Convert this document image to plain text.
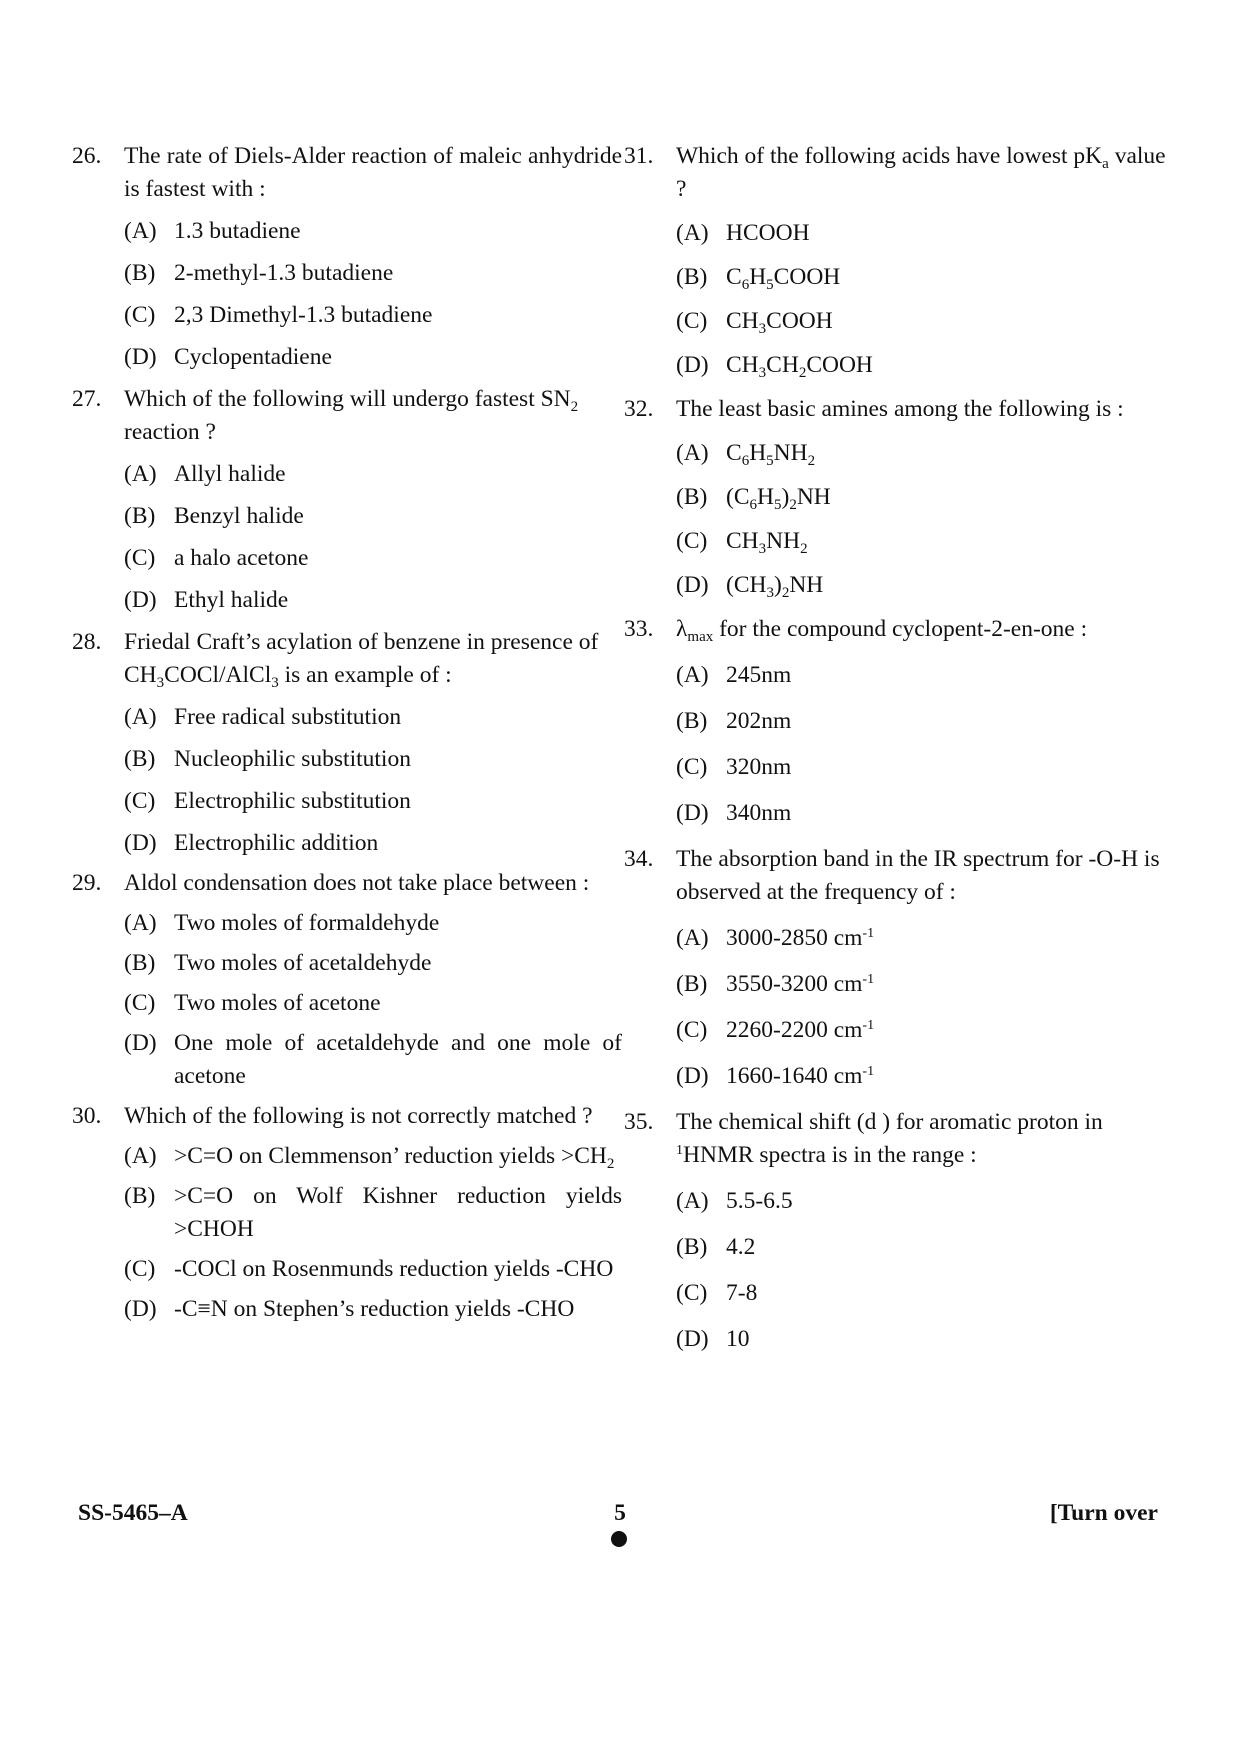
26. The rate of Diels-Alder reaction of maleic anhydride is fastest with :
(A) 1.3 butadiene
(B) 2-methyl-1.3 butadiene
(C) 2,3 Dimethyl-1.3 butadiene
(D) Cyclopentadiene
27. Which of the following will undergo fastest $SN_2$ reaction ?
(A) Allyl halide
(B) Benzyl halide
(C) a halo acetone
(D) Ethyl halide
28. Friedal Craft’s acylation of benzene in presence of $CH_3COCl/AlCl_3$ is an example of :
(A) Free radical substitution
(B) Nucleophilic substitution
(C) Electrophilic substitution
(D) Electrophilic addition
29. Aldol condensation does not take place between :
(A) Two moles of formaldehyde
(B) Two moles of acetaldehyde
(C) Two moles of acetone
(D) One mole of acetaldehyde and one mole of acetone
30. Which of the following is not correctly matched ?
(A) >C=O on Clemmenson’ reduction yields $>CH_2$
(B) >C=O on Wolf Kishner reduction yields >CHOH
(C) -COCl on Rosenmunds reduction yields -CHO
(D) -C≡N on Stephen’s reduction yields -CHO
31. Which of the following acids have lowest $pK_a$ value ?
(A) HCOOH
(B) $C_6H_5COOH$
(C) $CH_3COOH$
(D) $CH_3CH_2COOH$
32. The least basic amines among the following is :
(A) $C_6H_5NH_2$
(B) $(C_6H_5)_2NH$
(C) $CH_3NH_2$
(D) $(CH_3)_2NH$
33. $\lambda_{max}$ for the compound cyclopent-2-en-one :
(A) 245nm
(B) 202nm
(C) 320nm
(D) 340nm
34. The absorption band in the IR spectrum for -O-H is observed at the frequency of :
(A) 3000-2850 $cm^{-1}$
(B) 3550-3200 $cm^{-1}$
(C) 2260-2200 $cm^{-1}$
(D) 1660-1640 $cm^{-1}$
35. The chemical shift (d ) for aromatic proton in $^1$HNMR spectra is in the range :
(A) 5.5-6.5
(B) 4.2
(C) 7-8
(D) 10
SS-5465–A	5	[Turn over
